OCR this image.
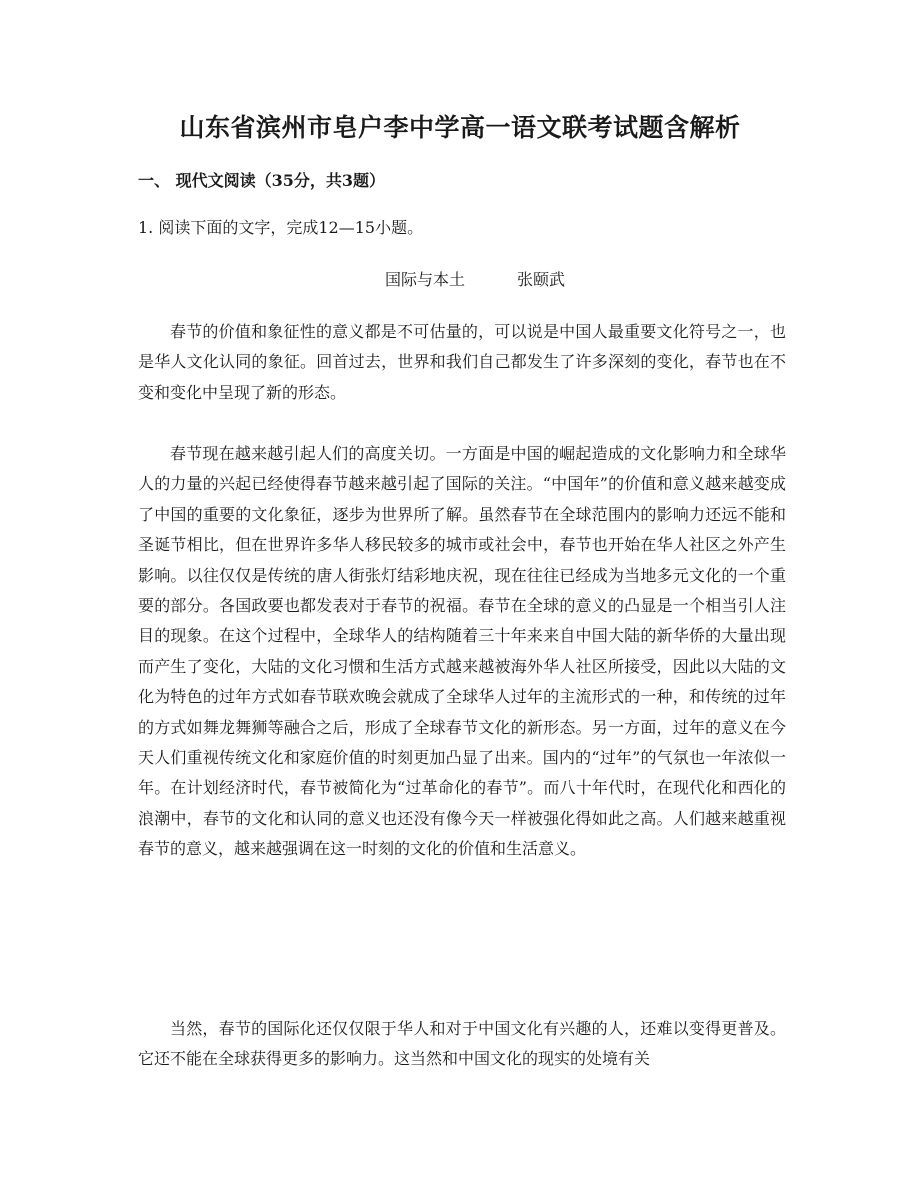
山东省滨州市皂户李中学高一语文联考试题含解析
一、 现代文阅读（35分，共3题）
1. 阅读下面的文字，完成12—15小题。
国际与本土	张颐武

春节的价值和象征性的意义都是不可估量的，可以说是中国人最重要文化符号之一，也是华人文化认同的象征。回首过去，世界和我们自己都发生了许多深刻的变化，春节也在不变和变化中呈现了新的形态。

春节现在越来越引起人们的高度关切。一方面是中国的崛起造成的文化影响力和全球华人的力量的兴起已经使得春节越来越引起了国际的关注。“中国年”的价值和意义越来越变成了中国的重要的文化象征，逐步为世界所了解。虽然春节在全球范围内的影响力还远不能和圣诞节相比，但在世界许多华人移民较多的城市或社会中，春节也开始在华人社区之外产生影响。以往仅仅是传统的唐人街张灯结彩地庆祝，现在往往已经成为当地多元文化的一个重要的部分。各国政要也都发表对于春节的祝福。春节在全球的意义的凸显是一个相当引人注目的现象。在这个过程中，全球华人的结构随着三十年来来自中国大陆的新华侨的大量出现而产生了变化，大陆的文化习惯和生活方式越来越被海外华人社区所接受，因此以大陆的文化为特色的过年方式如春节联欢晚会就成了全球华人过年的主流形式的一种，和传统的过年的方式如舞龙舞狮等融合之后，形成了全球春节文化的新形态。另一方面，过年的意义在今天人们重视传统文化和家庭价值的时刻更加凸显了出来。国内的“过年”的气氛也一年浓似一年。在计划经济时代，春节被简化为“过革命化的春节”。而八十年代时，在现代化和西化的浪潮中，春节的文化和认同的意义也还没有像今天一样被强化得如此之高。人们越来越重视春节的意义，越来越强调在这一时刻的文化的价值和生活意义。

当然，春节的国际化还仅仅限于华人和对于中国文化有兴趣的人，还难以变得更普及。它还不能在全球获得更多的影响力。这当然和中国文化的现实的处境有关
